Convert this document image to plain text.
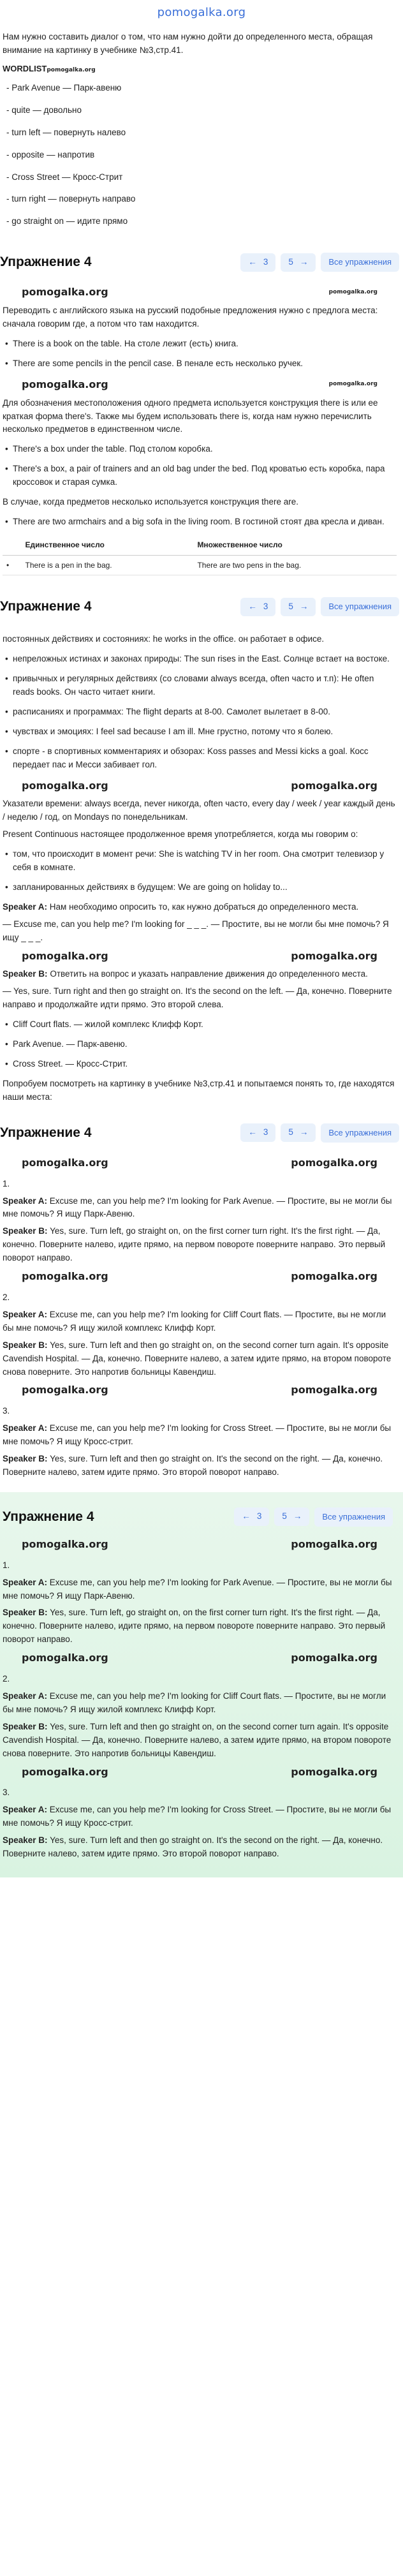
pomogalka.org

Нам нужно составить диалог о том, что нам нужно дойти до определенного места, обращая внимание на картинку в учебнике №3,стр.41.

WORDLISTpomogalka.org
- Park Avenue — Парк-авеню
- quite — довольно
- turn left — повернуть налево
- opposite — напротив
- Cross Street — Кросс-Стрит
- turn right — повернуть направо
- go straight on — идите прямо
Упражнение 4	← 3 5 →	Все упражнения
pomogalka.org	pomogalka.org

Переводить с английского языка на русский подобные предложения нужно с предлога места: сначала говорим где, а потом что там находится.

• There is a book on the table. На столе лежит (есть) книга.
• There are some pencils in the pencil case. В пенале есть несколько ручек.
pomogalka.org	pomogalka.org

Для обозначения местоположения одного предмета используется конструкция there is или ее краткая форма there's. Также мы будем использовать there is, когда нам нужно перечислить несколько предметов в единственном числе.

• There's a box under the table. Под столом коробка.
• There's a box, a pair of trainers and an old bag under the bed. Под кроватью есть коробка, пара кроссовок и старая сумка.

В случае, когда предметов несколько используется конструкция there are.

• There are two armchairs and a big sofa in the living room. В гостиной стоят два кресла и диван.
	Единственное число	Множественное число
•	There is a pen in the bag.	There are two pens in the bag.
Упражнение 4	← 3 5 →	Все упражнения

постоянных действиях и состояниях: he works in the office. он работает в офисе.

• непреложных истинах и законах природы: The sun rises in the East. Солнце встает на востоке.
• привычных и регулярных действиях (со словами always всегда, often часто и т.п): He often reads books. Он часто читает книги.
• расписаниях и программах: The flight departs at 8-00. Самолет вылетает в 8-00.
• чувствах и эмоциях: I feel sad because I am ill. Мне грустно, потому что я болею.
• спорте - в спортивных комментариях и обзорах: Koss passes and Messi kicks a goal. Косс передает пас и Месси забивает гол.
pomogalka.org	pomogalka.org

Указатели времени: always всегда, never никогда, often часто, every day / week / year каждый день / неделю / год, on Mondays по понедельникам.

Present Continuous настоящее продолженное время употребляется, когда мы говорим о:

• том, что происходит в момент речи: She is watching TV in her room. Она смотрит телевизор у себя в комнате.
• запланированных действиях в будущем: We are going on holiday to...

Speaker A: Нам необходимо опросить то, как нужно добраться до определенного места.

— Excuse me, can you help me? I'm looking for _ _ _. — Простите, вы не могли бы мне помочь? Я ищу _ _ _.

pomogalka.org	pomogalka.org

Speaker B: Ответить на вопрос и указать направление движения до определенного места.

— Yes, sure. Turn right and then go straight on. It's the second on the left. — Да, конечно. Поверните направо и продолжайте идти прямо. Это второй слева.

• Cliff Court flats. — жилой комплекс Клифф Корт.
• Park Avenue. — Парк-авеню.
• Cross Street. — Кросс-Стрит.

Попробуем посмотреть на картинку в учебнике №3,стр.41 и попытаемся понять то, где находятся наши места:

Упражнение 4	← 3 5 →	Все упражнения
pomogalka.org	pomogalka.org
1.

Speaker A: Excuse me, can you help me? I'm looking for Park Avenue. — Простите, вы не могли бы мне помочь? Я ищу Парк-Авеню.

Speaker B: Yes, sure. Turn left, go straight on, on the first corner turn right. It's the first right. — Да, конечно. Поверните налево, идите прямо, на первом повороте поверните направо. Это первый поворот направо.

pomogalka.org	pomogalka.org
2.

Speaker A: Excuse me, can you help me? I'm looking for Cliff Court flats. — Простите, вы не могли бы мне помочь? Я ищу жилой комплекс Клифф Корт.

Speaker B: Yes, sure. Turn left and then go straight on, on the second corner turn again. It's opposite Cavendish Hospital. — Да, конечно. Поверните налево, а затем идите прямо, на втором повороте снова поверните. Это напротив больницы Кавендиш.

pomogalka.org	pomogalka.org
3.

Speaker A: Excuse me, can you help me? I'm looking for Cross Street. — Простите, вы не могли бы мне помочь? Я ищу Кросс-стрит.

Speaker B: Yes, sure. Turn left and then go straight on. It's the second on the right. — Да, конечно. Поверните налево, затем идите прямо. Это второй поворот направо.

Упражнение 4	← 3 5 →	Все упражнения
pomogalka.org	pomogalka.org
1.

Speaker A: Excuse me, can you help me? I'm looking for Park Avenue. — Простите, вы не могли бы мне помочь? Я ищу Парк-Авеню.

Speaker B: Yes, sure. Turn left, go straight on, on the first corner turn right. It's the first right. — Да, конечно. Поверните налево, идите прямо, на первом повороте поверните направо. Это первый поворот направо.

pomogalka.org	pomogalka.org
2.

Speaker A: Excuse me, can you help me? I'm looking for Cliff Court flats. — Простите, вы не могли бы мне помочь? Я ищу жилой комплекс Клифф Корт.

Speaker B: Yes, sure. Turn left and then go straight on, on the second corner turn again. It's opposite Cavendish Hospital. — Да, конечно. Поверните налево, а затем идите прямо, на втором повороте снова поверните. Это напротив больницы Кавендиш.

pomogalka.org	pomogalka.org
3.

Speaker A: Excuse me, can you help me? I'm looking for Cross Street. — Простите, вы не могли бы мне помочь? Я ищу Кросс-стрит.

Speaker B: Yes, sure. Turn left and then go straight on. It's the second on the right. — Да, конечно. Поверните налево, затем идите прямо. Это второй поворот направо.
